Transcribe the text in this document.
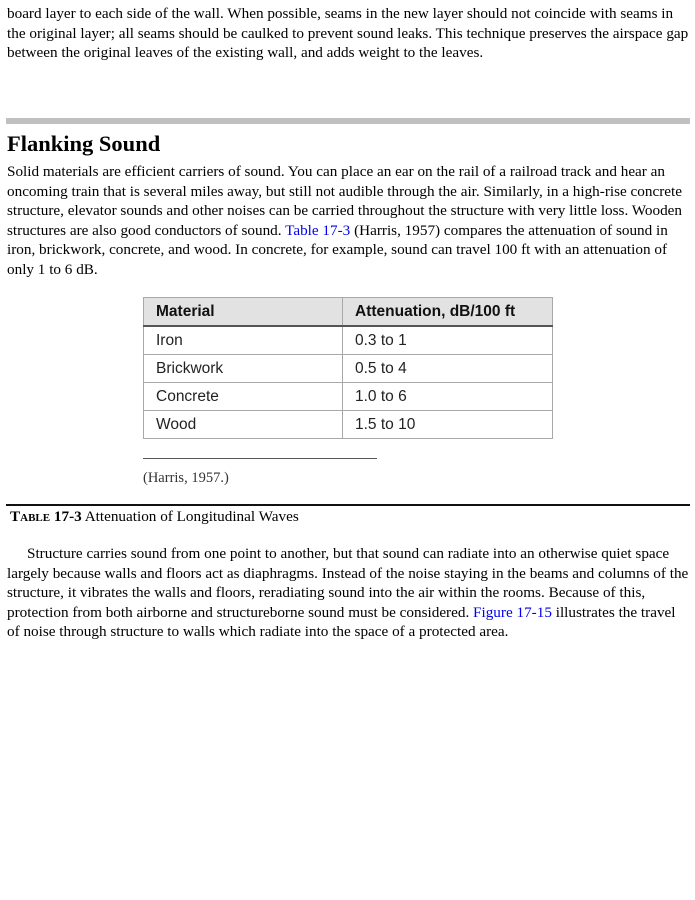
board layer to each side of the wall. When possible, seams in the new layer should not coincide with seams in the original layer; all seams should be caulked to prevent sound leaks. This technique preserves the airspace gap between the original leaves of the existing wall, and adds weight to the leaves.

Flanking Sound

Solid materials are efficient carriers of sound. You can place an ear on the rail of a railroad track and hear an oncoming train that is several miles away, but still not audible through the air. Similarly, in a high-rise concrete structure, elevator sounds and other noises can be carried throughout the structure with very little loss. Wooden structures are also good conductors of sound. Table 17-3 (Harris, 1957) compares the attenuation of sound in iron, brickwork, concrete, and wood. In concrete, for example, sound can travel 100 ft with an attenuation of only 1 to 6 dB.

Material	Attenuation, dB/100 ft
Iron	0.3 to 1
Brickwork	0.5 to 4
Concrete	1.0 to 6
Wood	1.5 to 10

(Harris, 1957.)

Table 17-3 Attenuation of Longitudinal Waves

Structure carries sound from one point to another, but that sound can radiate into an otherwise quiet space largely because walls and floors act as diaphragms. Instead of the noise staying in the beams and columns of the structure, it vibrates the walls and floors, reradiating sound into the air within the rooms. Because of this, protection from both airborne and structureborne sound must be considered. Figure 17-15 illustrates the travel of noise through structure to walls which radiate into the space of a protected area.
